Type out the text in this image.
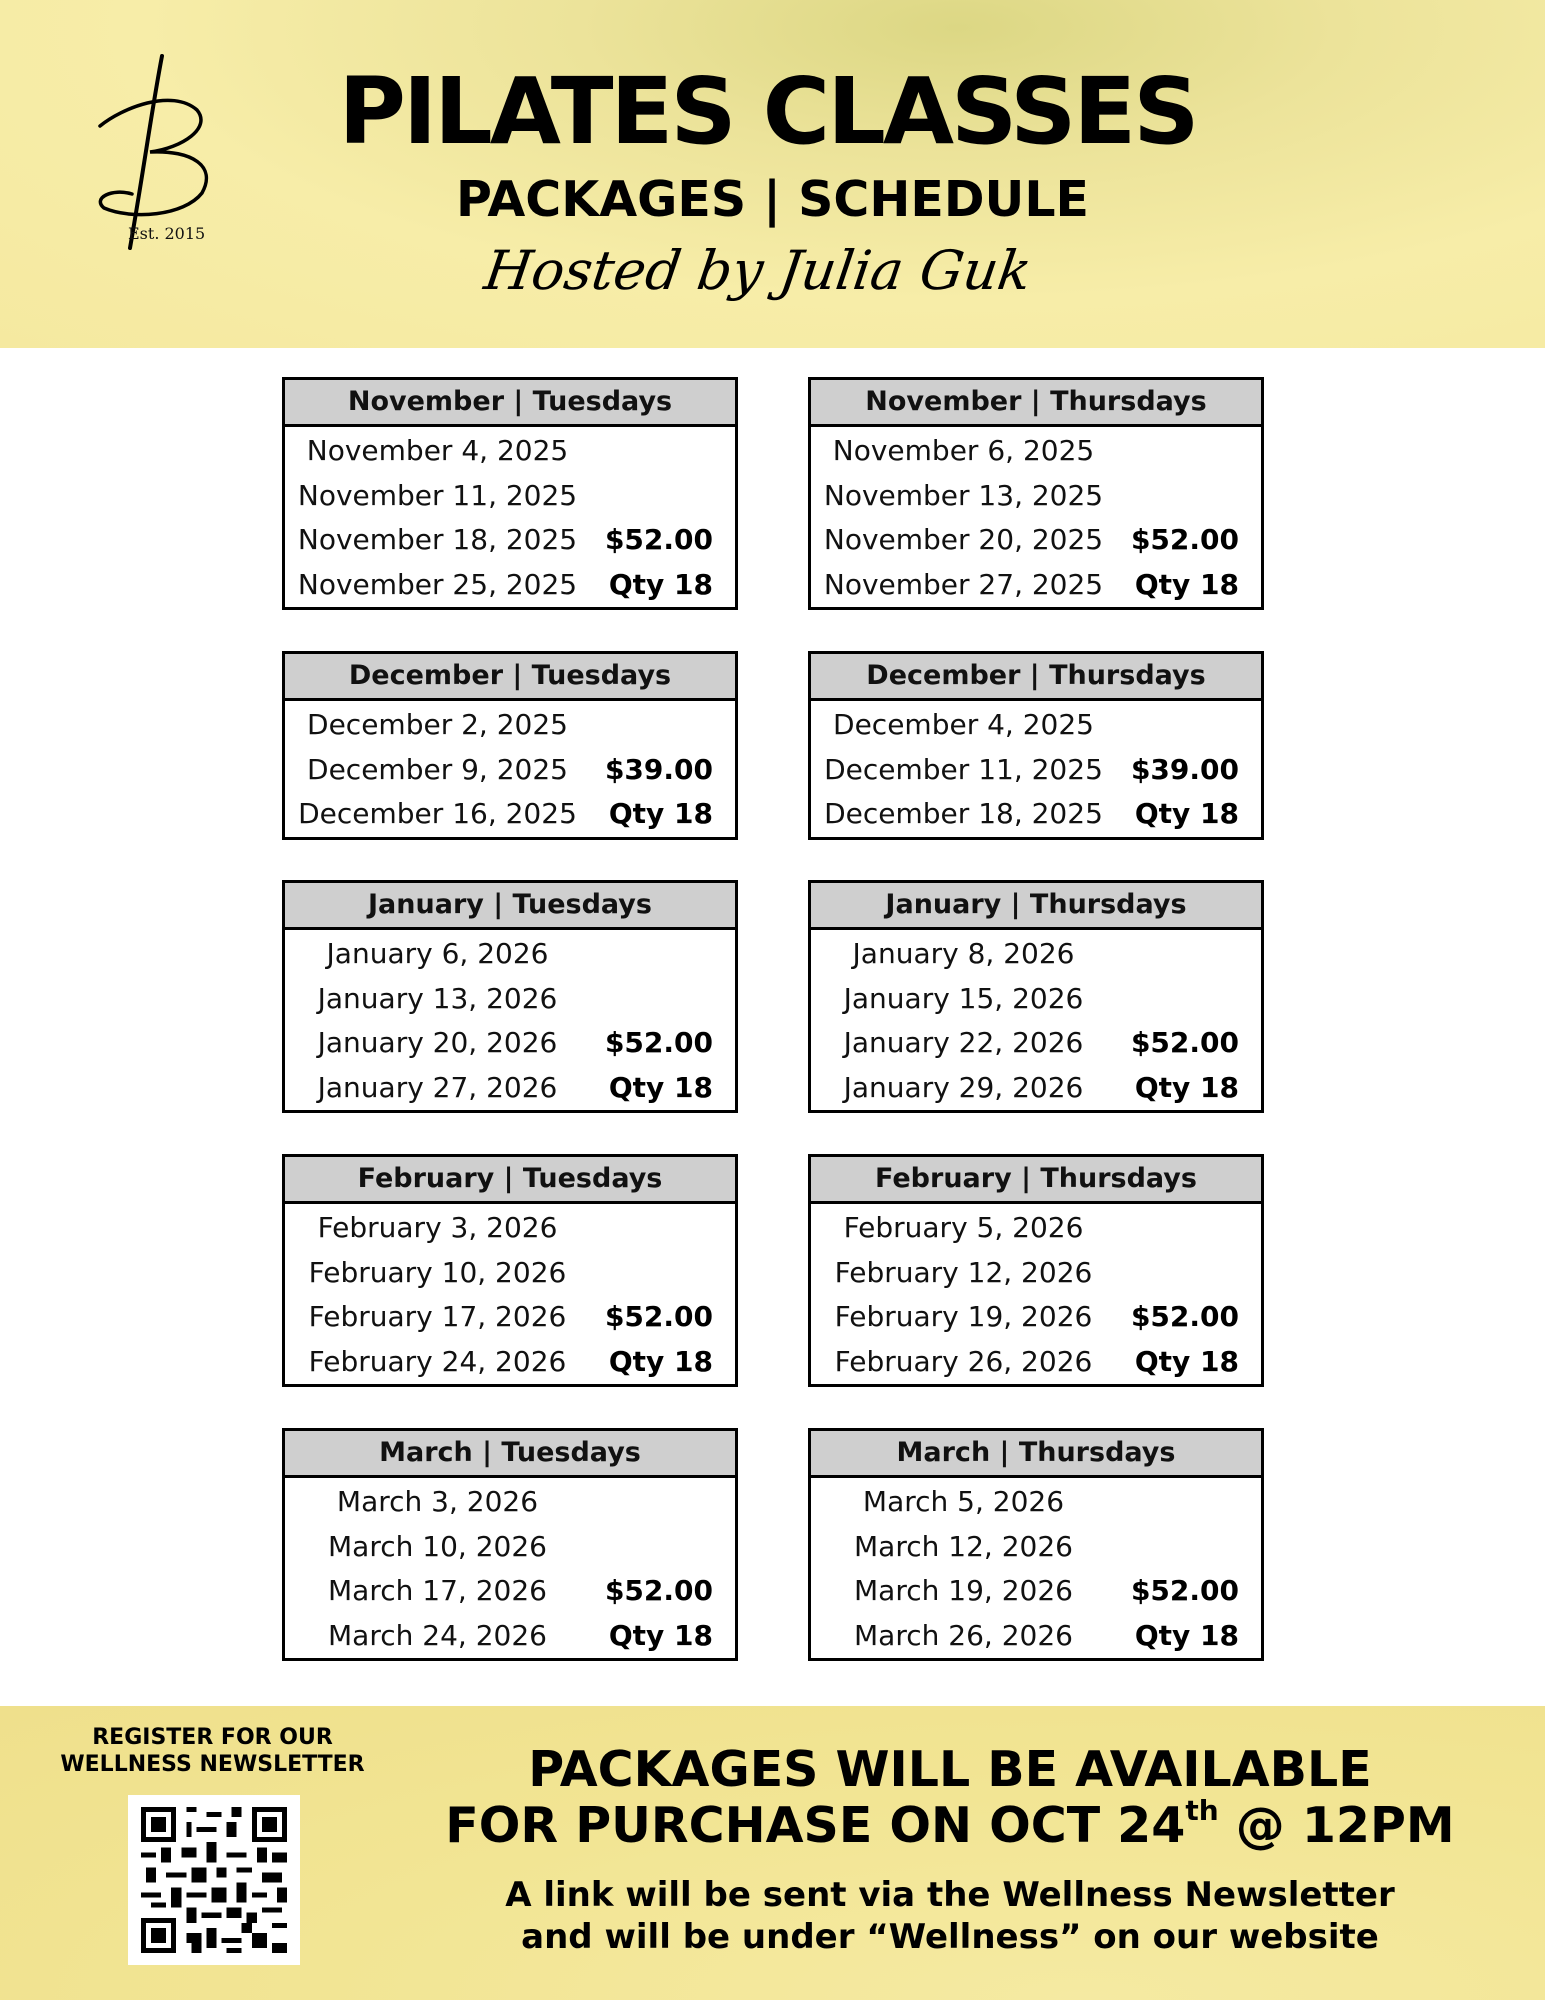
Est. 2015
PILATES CLASSES
PACKAGES | SCHEDULE
Hosted by Julia Guk
November | Tuesdays
November 4, 2025
November 11, 2025
November 18, 2025 $52.00
November 25, 2025	Qty 18
November | Thursdays
November 6, 2025
November 13, 2025
November 20, 2025 $52.00
November 27, 2025	Qty 18
December | Tuesdays
December 2, 2025
December 9, 2025	$39.00
December 16, 2025	Qty 18
December | Thursdays
December 4, 2025
December 11, 2025	$39.00
December 18, 2025	Qty 18
January | Tuesdays
January 6, 2026
January 13, 2026
January 20, 2026	$52.00
January 27, 2026	Qty 18
January | Thursdays
January 8, 2026
January 15, 2026
January 22, 2026	$52.00
January 29, 2026	Qty 18
February | Tuesdays
February 3, 2026
February 10, 2026
February 17, 2026	$52.00
February 24, 2026	Qty 18
February | Thursdays
February 5, 2026
February 12, 2026
February 19, 2026	$52.00
February 26, 2026	Qty 18
March | Tuesdays
March 3, 2026
March 10, 2026
March 17, 2026	$52.00
March 24, 2026	Qty 18
March | Thursdays
March 5, 2026
March 12, 2026
March 19, 2026	$52.00
March 26, 2026	Qty 18
REGISTER FOR OUR
WELLNESS NEWSLETTER	PACKAGES WILL BE AVAILABLE
FOR PURCHASE ON OCT 24th @ 12PM
A link will be sent via the Wellness Newsletter
and will be under “Wellness” on our website
